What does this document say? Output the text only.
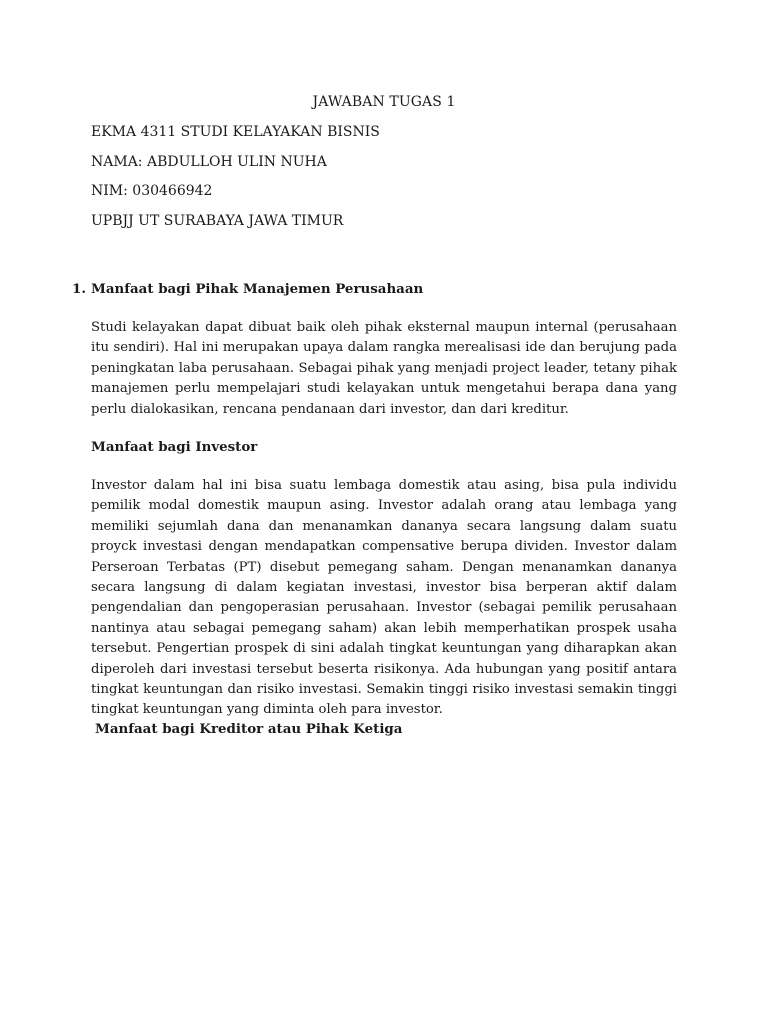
JAWABAN TUGAS 1
EKMA 4311 STUDI KELAYAKAN BISNIS
NAMA: ABDULLOH ULIN NUHA
NIM: 030466942
UPBJJ UT SURABAYA JAWA TIMUR
1. Manfaat bagi Pihak Manajemen Perusahaan

Studi kelayakan dapat dibuat baik oleh pihak eksternal maupun internal (perusahaan itu sendiri). Hal ini merupakan upaya dalam rangka merealisasi ide dan berujung pada peningkatan laba perusahaan. Sebagai pihak yang menjadi project leader, tetany pihak manajemen perlu mempelajari studi kelayakan untuk mengetahui berapa dana yang perlu dialokasikan, rencana pendanaan dari investor, dan dari kreditur.

Manfaat bagi Investor

Investor dalam hal ini bisa suatu lembaga domestik atau asing, bisa pula individu pemilik modal domestik maupun asing. Investor adalah orang atau lembaga yang memiliki sejumlah dana dan menanamkan dananya secara langsung dalam suatu proyck investasi dengan mendapatkan compensative berupa dividen. Investor dalam Perseroan Terbatas (PT) disebut pemegang saham. Dengan menanamkan dananya secara langsung di dalam kegiatan investasi, investor bisa berperan aktif dalam pengendalian dan pengoperasian perusahaan. Investor (sebagai pemilik perusahaan nantinya atau sebagai pemegang saham) akan lebih memperhatikan prospek usaha tersebut. Pengertian prospek di sini adalah tingkat keuntungan yang diharapkan akan diperoleh dari investasi tersebut beserta risikonya. Ada hubungan yang positif antara tingkat keuntungan dan risiko investasi. Semakin tinggi risiko investasi semakin tinggi tingkat keuntungan yang diminta oleh para investor.

Manfaat bagi Kreditor atau Pihak Ketiga
